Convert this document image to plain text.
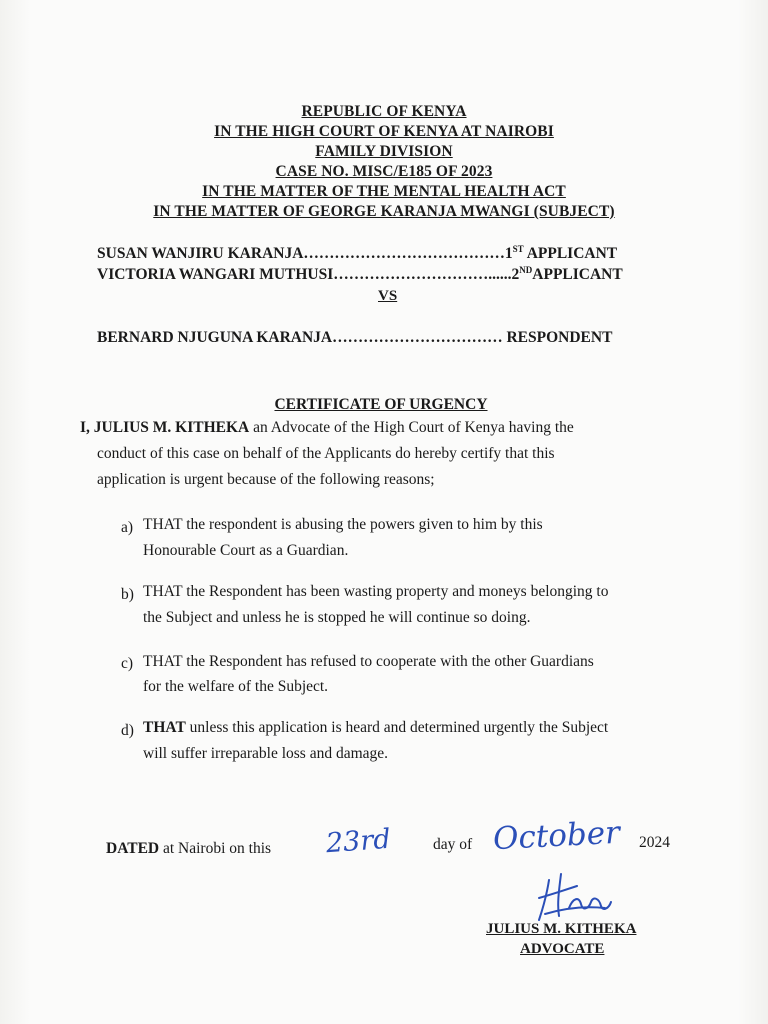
REPUBLIC OF KENYA
IN THE HIGH COURT OF KENYA AT NAIROBI
FAMILY DIVISION
CASE NO. MISC/E185 OF 2023
IN THE MATTER OF THE MENTAL HEALTH ACT
IN THE MATTER OF GEORGE KARANJA MWANGI (SUBJECT)
SUSAN WANJIRU KARANJA…………………………………1ST APPLICANT
VICTORIA WANGARI MUTHUSI…………………………......2NDAPPLICANT
VS
BERNARD NJUGUNA KARANJA…………………………… RESPONDENT
CERTIFICATE OF URGENCY
I, JULIUS M. KITHEKA an Advocate of the High Court of Kenya having the
conduct of this case on behalf of the Applicants do hereby certify that this
application is urgent because of the following reasons;
a) THAT the respondent is abusing the powers given to him by this
Honourable Court as a Guardian.
b) THAT the Respondent has been wasting property and moneys belonging to
the Subject and unless he is stopped he will continue so doing.
c) THAT the Respondent has refused to cooperate with the other Guardians
for the welfare of the Subject.
d) THAT unless this application is heard and determined urgently the Subject
will suffer irreparable loss and damage.
DATED at Nairobi on this 23rd	day of October 2024
JULIUS M. KITHEKA
ADVOCATE
